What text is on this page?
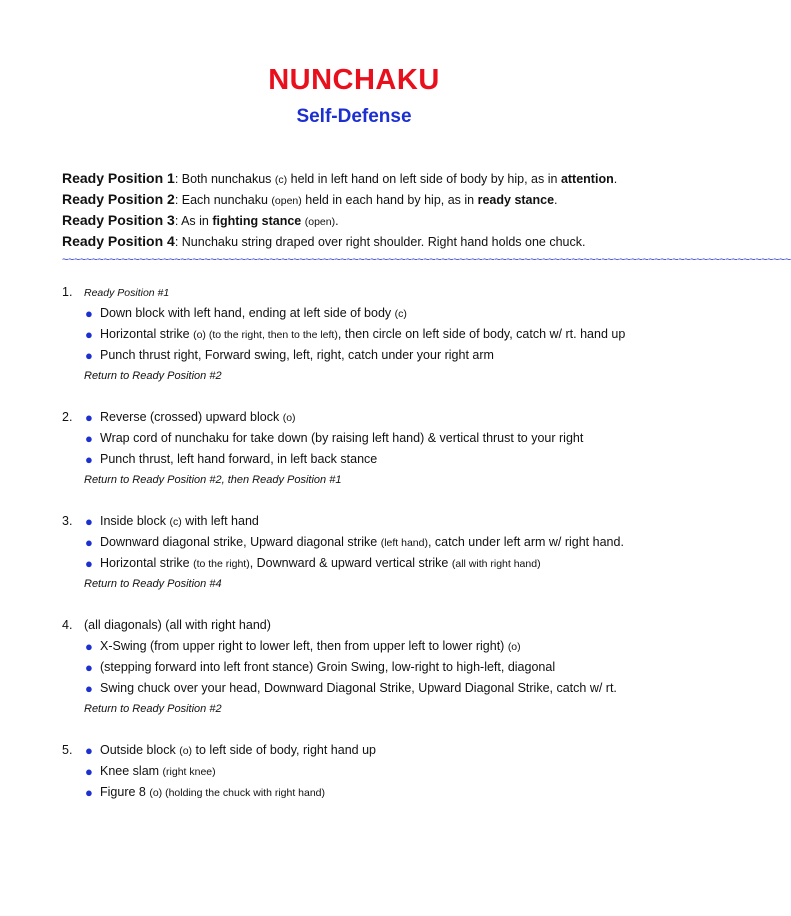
NUNCHAKU
Self-Defense
Ready Position 1: Both nunchakus (c) held in left hand on left side of body by hip, as in attention.
Ready Position 2: Each nunchaku (open) held in each hand by hip, as in ready stance.
Ready Position 3: As in fighting stance (open).
Ready Position 4: Nunchaku string draped over right shoulder. Right hand holds one chuck.
~~~~~~~~~~~~~~~~~~~~~~~~~~~~~~~~~~~~~~~~~~~~~~~~~~~~~~~~~~~~~~~~~~~~~~~~~~~~~~~~~~~~~~~~~~~~~~~~~~~~~~~~~~~~~~~~~~~~~~~~~~~
1. Ready Position #1
● Down block with left hand, ending at left side of body (c)
● Horizontal strike (o) (to the right, then to the left), then circle on left side of body, catch w/ rt. hand up
● Punch thrust right, Forward swing, left, right, catch under your right arm
Return to Ready Position #2
2. ● Reverse (crossed) upward block (o)
● Wrap cord of nunchaku for take down (by raising left hand) & vertical thrust to your right
● Punch thrust, left hand forward, in left back stance
Return to Ready Position #2, then Ready Position #1
3. ● Inside block (c) with left hand
● Downward diagonal strike, Upward diagonal strike (left hand), catch under left arm w/ right hand.
● Horizontal strike (to the right), Downward & upward vertical strike (all with right hand)
Return to Ready Position #4
4. (all diagonals) (all with right hand)
● X-Swing (from upper right to lower left, then from upper left to lower right) (o)
● (stepping forward into left front stance) Groin Swing, low-right to high-left, diagonal
● Swing chuck over your head, Downward Diagonal Strike, Upward Diagonal Strike, catch w/ rt.
Return to Ready Position #2
5. ● Outside block (o) to left side of body, right hand up
● Knee slam (right knee)
● Figure 8 (o) (holding the chuck with right hand)
